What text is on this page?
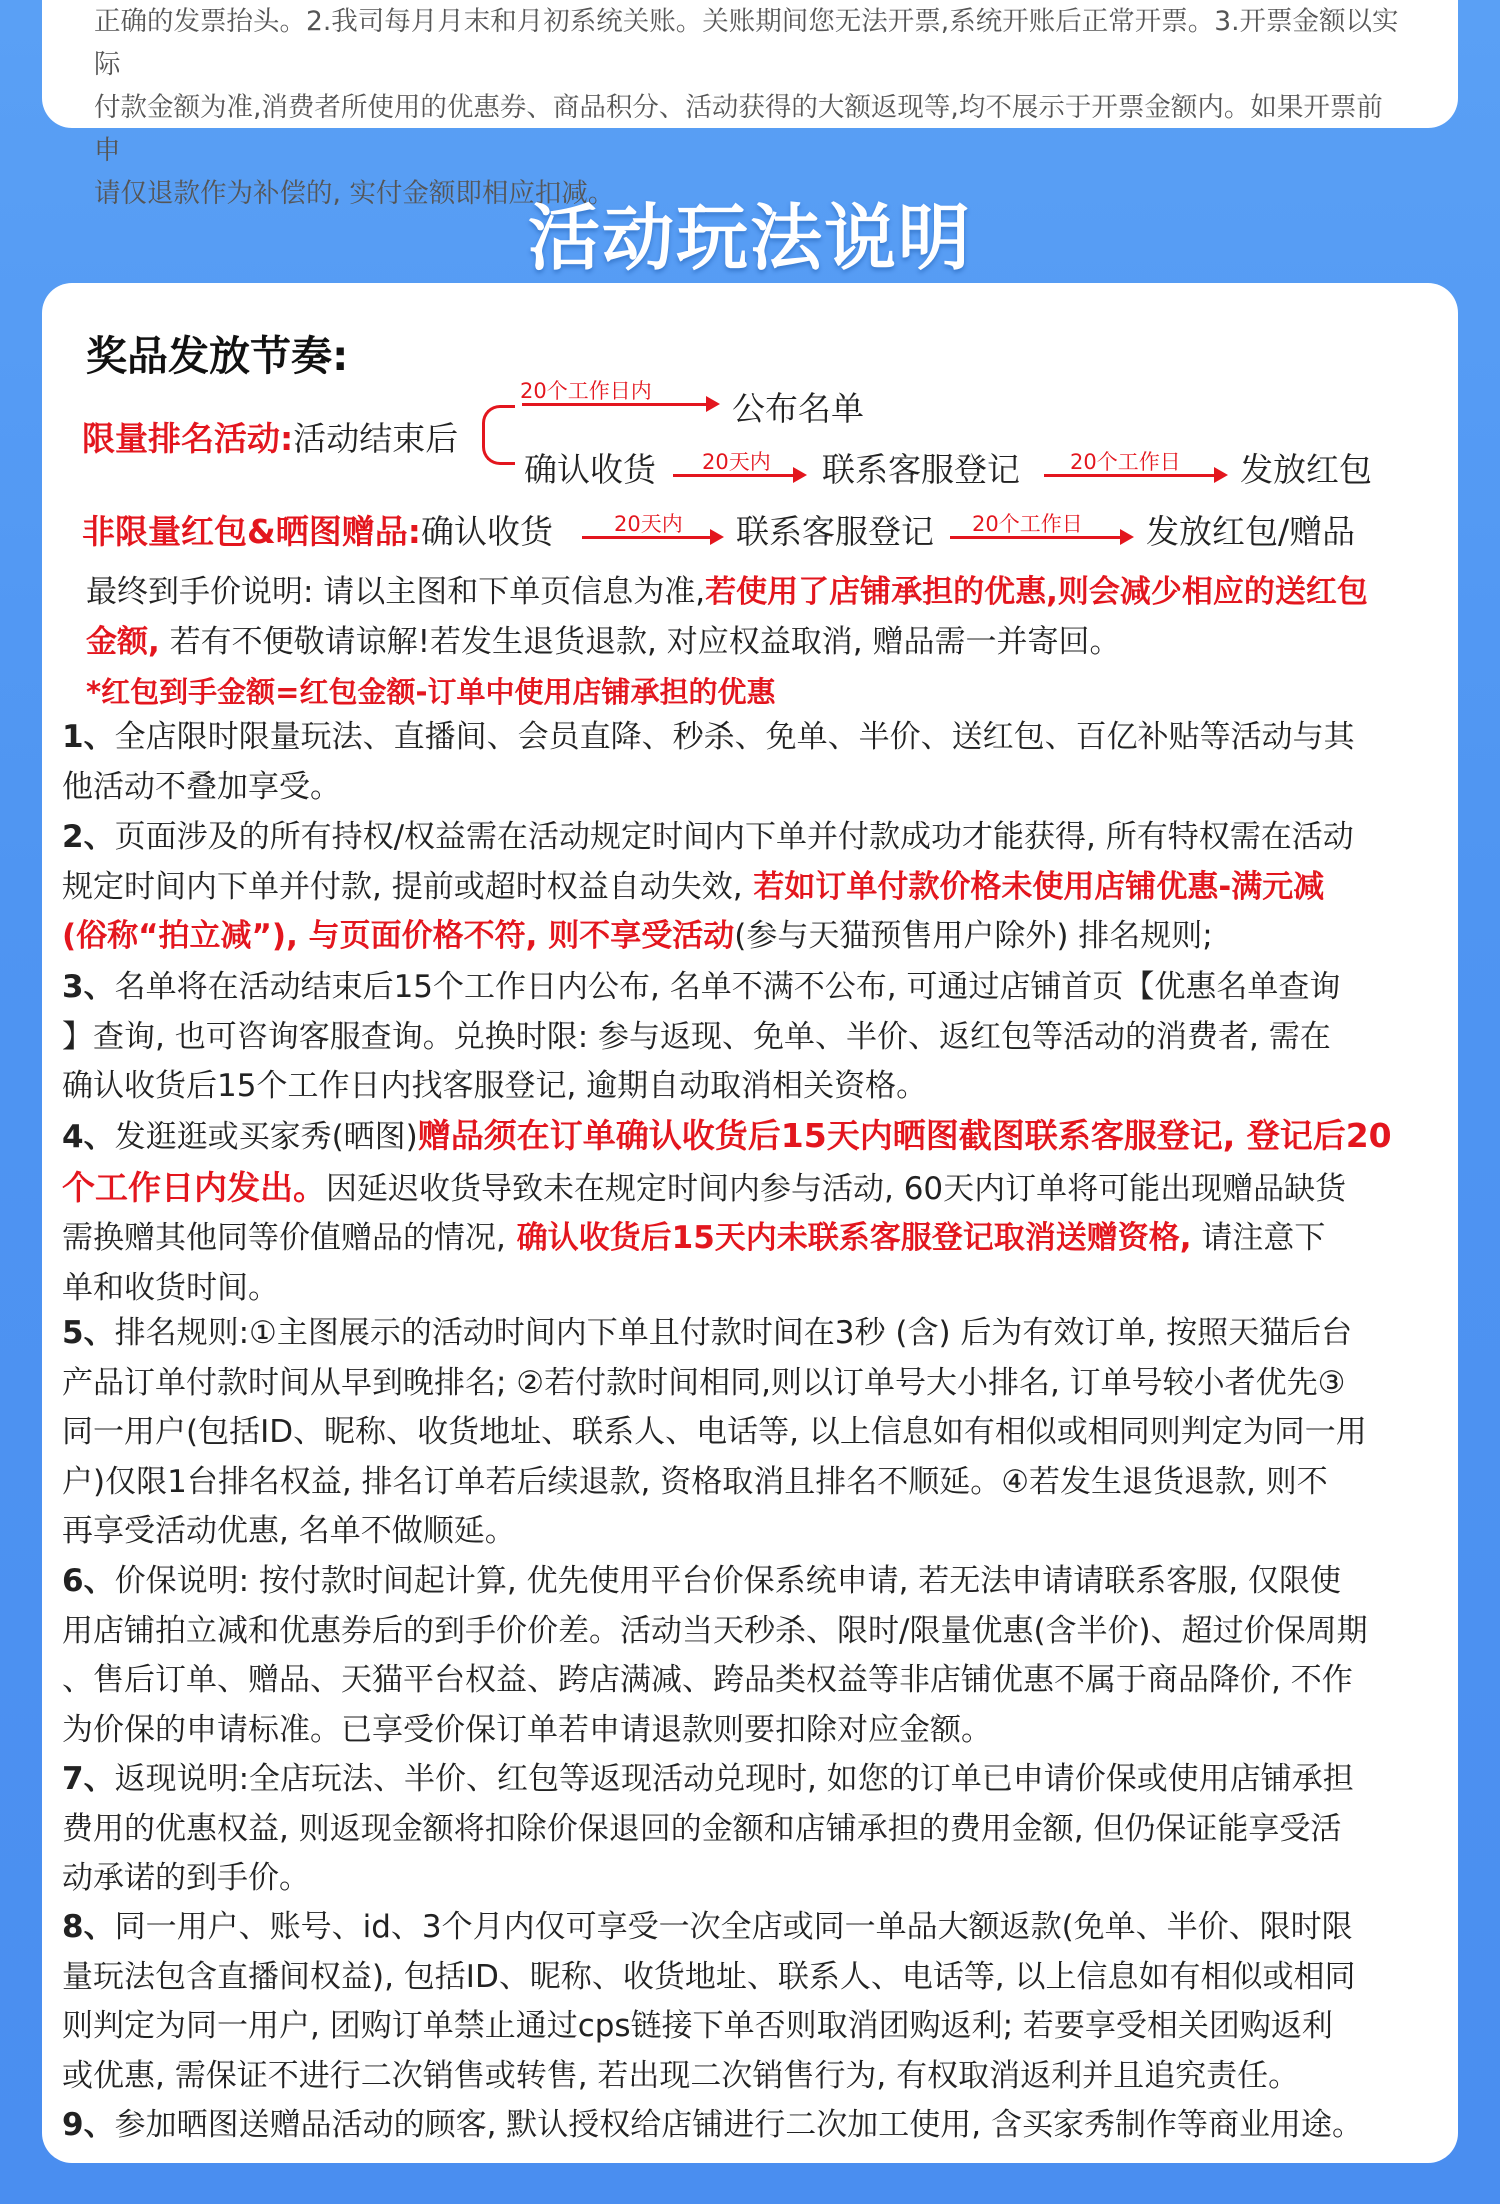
正确的发票抬头。2.我司每月月末和月初系统关账。关账期间您无法开票,系统开账后正常开票。3.开票金额以实际

付款金额为准,消费者所使用的优惠券、商品积分、活动获得的大额返现等,均不展示于开票金额内。如果开票前申

请仅退款作为补偿的, 实付金额即相应扣减。

活动玩法说明
奖品发放节奏:
限量排名活动:活动结束后
20个工作日内 公布名单
确认收货 20天内 联系客服登记 20个工作日 发放红包
非限量红包&晒图赠品:确认收货	20天内 联系客服登记 20个工作日 发放红包/赠品
最终到手价说明: 请以主图和下单页信息为准,若使用了店铺承担的优惠,则会减少相应的送红包
金额, 若有不便敬请谅解!若发生退货退款, 对应权益取消, 赠品需一并寄回。
*红包到手金额=红包金额-订单中使用店铺承担的优惠
1、全店限时限量玩法、直播间、会员直降、秒杀、免单、半价、送红包、百亿补贴等活动与其
他活动不叠加享受。
2、页面涉及的所有持权/权益需在活动规定时间内下单并付款成功才能获得, 所有特权需在活动
规定时间内下单并付款, 提前或超时权益自动失效, 若如订单付款价格未使用店铺优惠-满元减
(俗称“拍立减”), 与页面价格不符, 则不享受活动(参与天猫预售用户除外) 排名规则;
3、名单将在活动结束后15个工作日内公布, 名单不满不公布, 可通过店铺首页【优惠名单查询
】查询, 也可咨询客服查询。兑换时限: 参与返现、免单、半价、返红包等活动的消费者, 需在
确认收货后15个工作日内找客服登记, 逾期自动取消相关资格。
4、发逛逛或买家秀(晒图)赠品须在订单确认收货后15天内晒图截图联系客服登记, 登记后20
个工作日内发出。因延迟收货导致未在规定时间内参与活动, 60天内订单将可能出现赠品缺货
需换赠其他同等价值赠品的情况, 确认收货后15天内未联系客服登记取消送赠资格, 请注意下
单和收货时间。
5、排名规则:①主图展示的活动时间内下单且付款时间在3秒 (含) 后为有效订单, 按照天猫后台
产品订单付款时间从早到晚排名; ②若付款时间相同,则以订单号大小排名, 订单号较小者优先③
同一用户(包括ID、昵称、收货地址、联系人、电话等, 以上信息如有相似或相同则判定为同一用
户)仅限1台排名权益, 排名订单若后续退款, 资格取消且排名不顺延。④若发生退货退款, 则不
再享受活动优惠, 名单不做顺延。
6、价保说明: 按付款时间起计算, 优先使用平台价保系统申请, 若无法申请请联系客服, 仅限使
用店铺拍立减和优惠券后的到手价价差。活动当天秒杀、限时/限量优惠(含半价)、超过价保周期
、售后订单、赠品、天猫平台权益、跨店满减、跨品类权益等非店铺优惠不属于商品降价, 不作
为价保的申请标准。已享受价保订单若申请退款则要扣除对应金额。
7、返现说明:全店玩法、半价、红包等返现活动兑现时, 如您的订单已申请价保或使用店铺承担
费用的优惠权益, 则返现金额将扣除价保退回的金额和店铺承担的费用金额, 但仍保证能享受活
动承诺的到手价。
8、同一用户、账号、id、3个月内仅可享受一次全店或同一单品大额返款(免单、半价、限时限
量玩法包含直播间权益), 包括ID、昵称、收货地址、联系人、电话等, 以上信息如有相似或相同
则判定为同一用户, 团购订单禁止通过cps链接下单否则取消团购返利; 若要享受相关团购返利
或优惠, 需保证不进行二次销售或转售, 若出现二次销售行为, 有权取消返利并且追究责任。
9、参加晒图送赠品活动的顾客, 默认授权给店铺进行二次加工使用, 含买家秀制作等商业用途。
